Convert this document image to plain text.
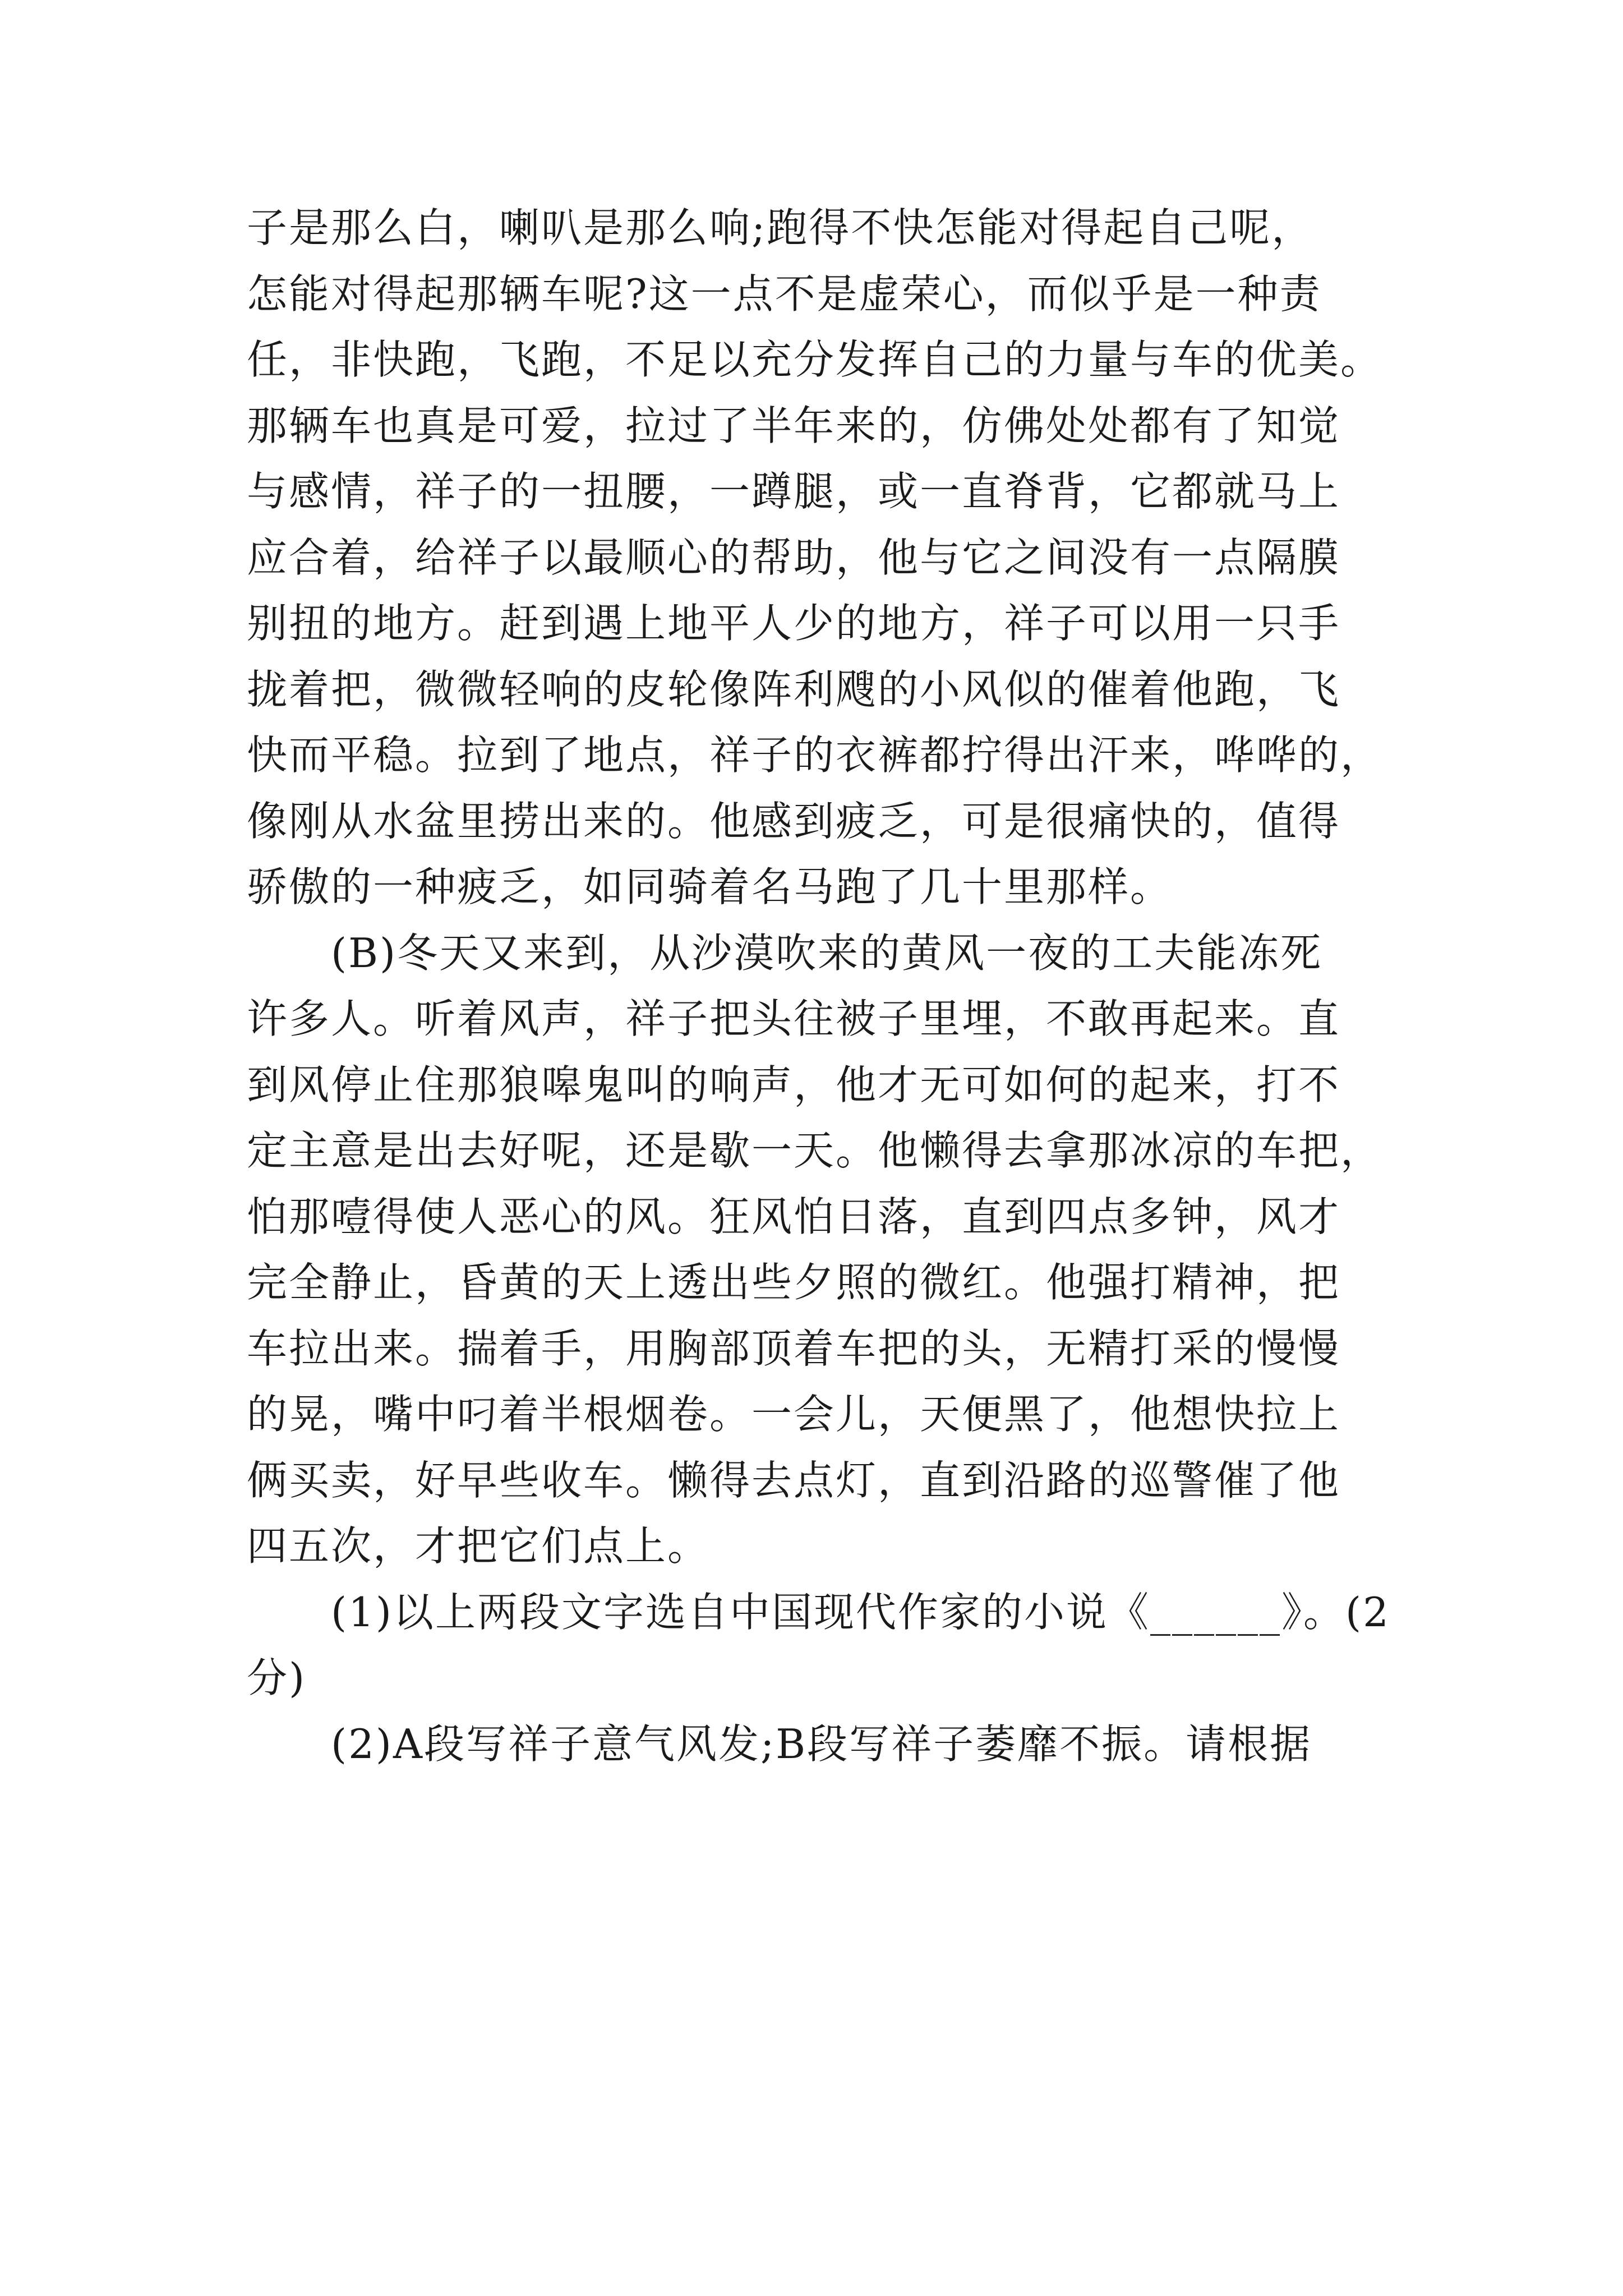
子是那么白，喇叭是那么响;跑得不快怎能对得起自己呢，
怎能对得起那辆车呢?这一点不是虚荣心，而似乎是一种责
任，非快跑，飞跑，不足以充分发挥自己的力量与车的优美。
那辆车也真是可爱，拉过了半年来的，仿佛处处都有了知觉
与感情，祥子的一扭腰，一蹲腿，或一直脊背，它都就马上
应合着，给祥子以最顺心的帮助，他与它之间没有一点隔膜
别扭的地方。赶到遇上地平人少的地方，祥子可以用一只手
拢着把，微微轻响的皮轮像阵利飕的小风似的催着他跑，飞
快而平稳。拉到了地点，祥子的衣裤都拧得出汗来，哗哗的，
像刚从水盆里捞出来的。他感到疲乏，可是很痛快的，值得
骄傲的一种疲乏，如同骑着名马跑了几十里那样。
(B)冬天又来到，从沙漠吹来的黄风一夜的工夫能冻死
许多人。听着风声，祥子把头往被子里埋，不敢再起来。直
到风停止住那狼嗥鬼叫的响声，他才无可如何的起来，打不
定主意是出去好呢，还是歇一天。他懒得去拿那冰凉的车把，
怕那噎得使人恶心的风。狂风怕日落，直到四点多钟，风才
完全静止，昏黄的天上透出些夕照的微红。他强打精神，把
车拉出来。揣着手，用胸部顶着车把的头，无精打采的慢慢
的晃，嘴中叼着半根烟卷。一会儿，天便黑了，他想快拉上
俩买卖，好早些收车。懒得去点灯，直到沿路的巡警催了他
四五次，才把它们点上。
(1)以上两段文字选自中国现代作家的小说《______》。(2
分)
(2)A段写祥子意气风发;B段写祥子萎靡不振。请根据
